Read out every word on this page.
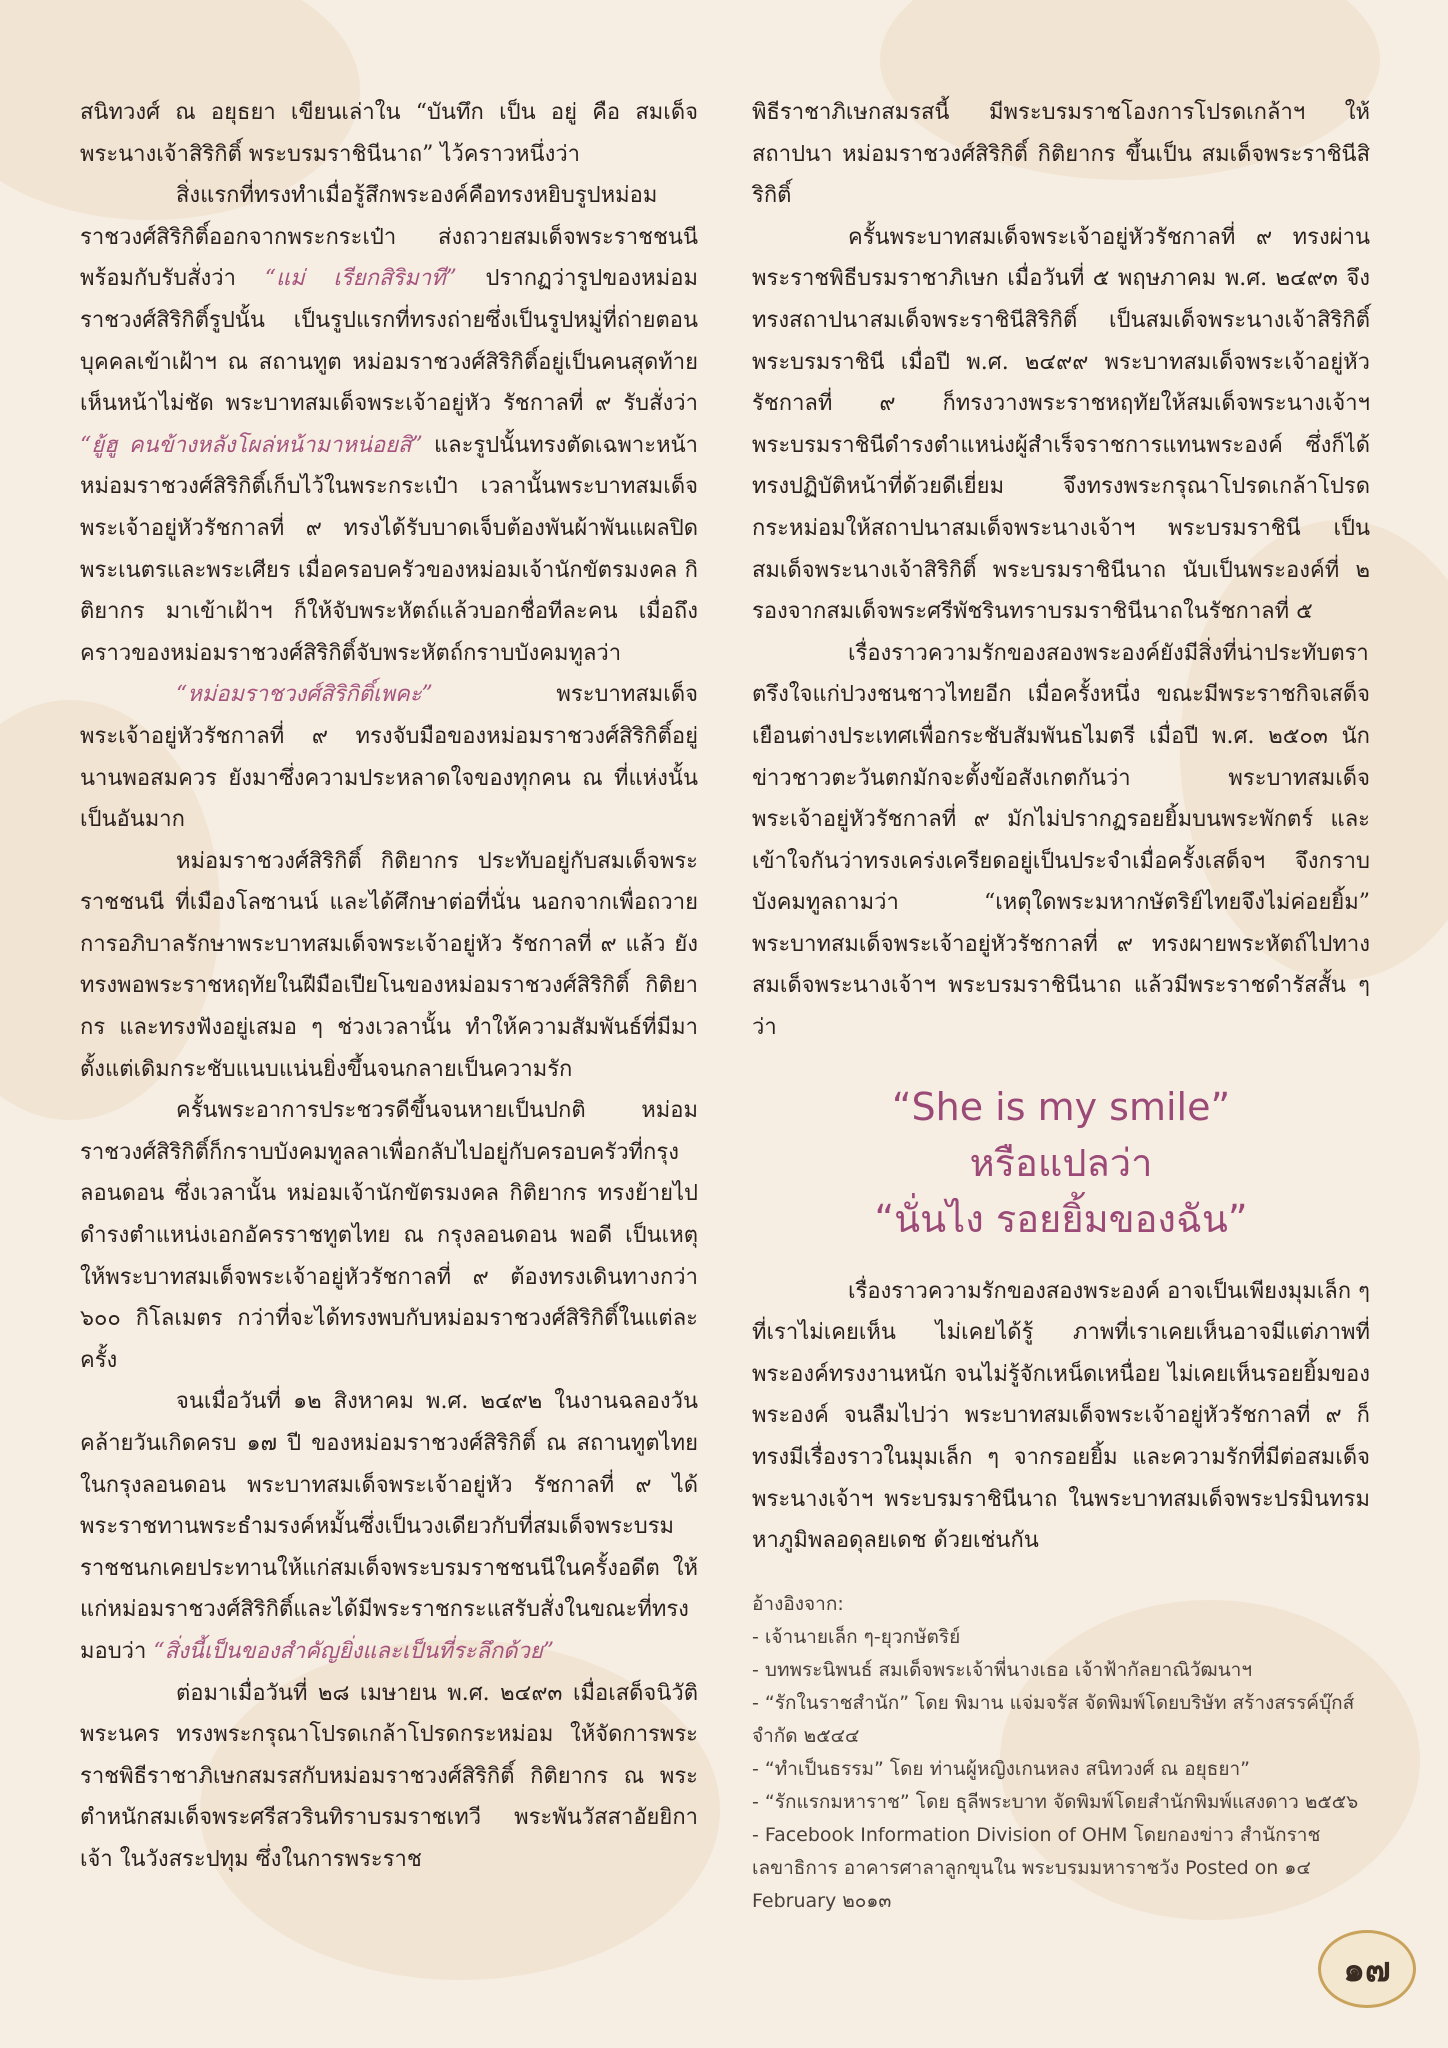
สนิทวงศ์ ณ อยุธยา เขียนเล่าใน “บันทึก เป็น อยู่ คือ สมเด็จพระนางเจ้าสิริกิติ์ พระบรมราชินีนาถ” ไว้คราวหนึ่งว่า

สิ่งแรกที่ทรงทำเมื่อรู้สึกพระองค์คือทรงหยิบรูปหม่อมราชวงศ์สิริกิติ์ออกจากพระกระเป๋า ส่งถวายสมเด็จพระราชชนนี พร้อมกับรับสั่งว่า “แม่ เรียกสิริมาที” ปรากฏว่ารูปของหม่อมราชวงศ์สิริกิติ์รูปนั้น เป็นรูปแรกที่ทรงถ่ายซึ่งเป็นรูปหมู่ที่ถ่ายตอนบุคคลเข้าเฝ้าฯ ณ สถานทูต หม่อมราชวงศ์สิริกิติ์อยู่เป็นคนสุดท้าย เห็นหน้าไม่ชัด พระบาทสมเด็จพระเจ้าอยู่หัว รัชกาลที่ ๙ รับสั่งว่า “ยู้ฮู คนข้างหลังโผล่หน้ามาหน่อยสิ” และรูปนั้นทรงตัดเฉพาะหน้าหม่อมราชวงศ์สิริกิติ์เก็บไว้ในพระกระเป๋า เวลานั้นพระบาทสมเด็จพระเจ้าอยู่หัวรัชกาลที่ ๙ ทรงได้รับบาดเจ็บต้องพันผ้าพันแผลปิดพระเนตรและพระเศียร เมื่อครอบครัวของหม่อมเจ้านักขัตรมงคล กิติยากร มาเข้าเฝ้าฯ ก็ให้จับพระหัตถ์แล้วบอกชื่อทีละคน เมื่อถึงคราวของหม่อมราชวงศ์สิริกิติ์จับพระหัตถ์กราบบังคมทูลว่า

“หม่อมราชวงศ์สิริกิติ์เพคะ” พระบาทสมเด็จพระเจ้าอยู่หัวรัชกาลที่ ๙ ทรงจับมือของหม่อมราชวงศ์สิริกิติ์อยู่นานพอสมควร ยังมาซึ่งความประหลาดใจของทุกคน ณ ที่แห่งนั้นเป็นอันมาก

หม่อมราชวงศ์สิริกิติ์ กิติยากร ประทับอยู่กับสมเด็จพระราชชนนี ที่เมืองโลซานน์ และได้ศึกษาต่อที่นั่น นอกจากเพื่อถวายการอภิบาลรักษาพระบาทสมเด็จพระเจ้าอยู่หัว รัชกาลที่ ๙ แล้ว ยังทรงพอพระราชหฤทัยในฝีมือเปียโนของหม่อมราชวงศ์สิริกิติ์ กิติยากร และทรงฟังอยู่เสมอ ๆ ช่วงเวลานั้น ทำให้ความสัมพันธ์ที่มีมาตั้งแต่เดิมกระชับแนบแน่นยิ่งขึ้นจนกลายเป็นความรัก

ครั้นพระอาการประชวรดีขึ้นจนหายเป็นปกติ หม่อมราชวงศ์สิริกิติ์ก็กราบบังคมทูลลาเพื่อกลับไปอยู่กับครอบครัวที่กรุงลอนดอน ซึ่งเวลานั้น หม่อมเจ้านักขัตรมงคล กิติยากร ทรงย้ายไปดำรงตำแหน่งเอกอัครราชทูตไทย ณ กรุงลอนดอน พอดี เป็นเหตุให้พระบาทสมเด็จพระเจ้าอยู่หัวรัชกาลที่ ๙ ต้องทรงเดินทางกว่า ๖๐๐ กิโลเมตร กว่าที่จะได้ทรงพบกับหม่อมราชวงศ์สิริกิติ์ในแต่ละครั้ง

จนเมื่อวันที่ ๑๒ สิงหาคม พ.ศ. ๒๔๙๒ ในงานฉลองวันคล้ายวันเกิดครบ ๑๗ ปี ของหม่อมราชวงศ์สิริกิติ์ ณ สถานทูตไทยในกรุงลอนดอน พระบาทสมเด็จพระเจ้าอยู่หัว รัชกาลที่ ๙ ได้พระราชทานพระธำมรงค์หมั้นซึ่งเป็นวงเดียวกับที่สมเด็จพระบรมราชชนกเคยประทานให้แก่สมเด็จพระบรมราชชนนีในครั้งอดีต ให้แก่หม่อมราชวงศ์สิริกิติ์และได้มีพระราชกระแสรับสั่งในขณะที่ทรงมอบว่า “สิ่งนี้เป็นของสำคัญยิ่งและเป็นที่ระลึกด้วย”

ต่อมาเมื่อวันที่ ๒๘ เมษายน พ.ศ. ๒๔๙๓ เมื่อเสด็จนิวัติพระนคร ทรงพระกรุณาโปรดเกล้าโปรดกระหม่อม ให้จัดการพระราชพิธีราชาภิเษกสมรสกับหม่อมราชวงศ์สิริกิติ์ กิติยากร ณ พระตำหนักสมเด็จพระศรีสวรินทิราบรมราชเทวี พระพันวัสสาอัยยิกาเจ้า ในวังสระปทุม ซึ่งในการพระราช

พิธีราชาภิเษกสมรสนี้ มีพระบรมราชโองการโปรดเกล้าฯ ให้สถาปนา หม่อมราชวงศ์สิริกิติ์ กิติยากร ขึ้นเป็น สมเด็จพระราชินีสิริกิติ์

ครั้นพระบาทสมเด็จพระเจ้าอยู่หัวรัชกาลที่ ๙ ทรงผ่านพระราชพิธีบรมราชาภิเษก เมื่อวันที่ ๕ พฤษภาคม พ.ศ. ๒๔๙๓ จึงทรงสถาปนาสมเด็จพระราชินีสิริกิติ์ เป็นสมเด็จพระนางเจ้าสิริกิติ์ พระบรมราชินี เมื่อปี พ.ศ. ๒๔๙๙ พระบาทสมเด็จพระเจ้าอยู่หัวรัชกาลที่ ๙ ก็ทรงวางพระราชหฤทัยให้สมเด็จพระนางเจ้าฯ พระบรมราชินีดำรงตำแหน่งผู้สำเร็จราชการแทนพระองค์ ซึ่งก็ได้ทรงปฏิบัติหน้าที่ด้วยดีเยี่ยม จึงทรงพระกรุณาโปรดเกล้าโปรดกระหม่อมให้สถาปนาสมเด็จพระนางเจ้าฯ พระบรมราชินี เป็นสมเด็จพระนางเจ้าสิริกิติ์ พระบรมราชินีนาถ นับเป็นพระองค์ที่ ๒ รองจากสมเด็จพระศรีพัชรินทราบรมราชินีนาถในรัชกาลที่ ๕

เรื่องราวความรักของสองพระองค์ยังมีสิ่งที่น่าประทับตราตรึงใจแก่ปวงชนชาวไทยอีก เมื่อครั้งหนึ่ง ขณะมีพระราชกิจเสด็จเยือนต่างประเทศเพื่อกระชับสัมพันธไมตรี เมื่อปี พ.ศ. ๒๕๐๓ นักข่าวชาวตะวันตกมักจะตั้งข้อสังเกตกันว่า พระบาทสมเด็จพระเจ้าอยู่หัวรัชกาลที่ ๙ มักไม่ปรากฏรอยยิ้มบนพระพักตร์ และเข้าใจกันว่าทรงเคร่งเครียดอยู่เป็นประจำเมื่อครั้งเสด็จฯ จึงกราบบังคมทูลถามว่า “เหตุใดพระมหากษัตริย์ไทยจึงไม่ค่อยยิ้ม” พระบาทสมเด็จพระเจ้าอยู่หัวรัชกาลที่ ๙ ทรงผายพระหัตถ์ไปทางสมเด็จพระนางเจ้าฯ พระบรมราชินีนาถ แล้วมีพระราชดำรัสสั้น ๆ ว่า

“She is my smile”
หรือแปลว่า
“นั่นไง รอยยิ้มของฉัน”

เรื่องราวความรักของสองพระองค์ อาจเป็นเพียงมุมเล็ก ๆ ที่เราไม่เคยเห็น ไม่เคยได้รู้ ภาพที่เราเคยเห็นอาจมีแต่ภาพที่พระองค์ทรงงานหนัก จนไม่รู้จักเหน็ดเหนื่อย ไม่เคยเห็นรอยยิ้มของพระองค์ จนลืมไปว่า พระบาทสมเด็จพระเจ้าอยู่หัวรัชกาลที่ ๙ ก็ทรงมีเรื่องราวในมุมเล็ก ๆ จากรอยยิ้ม และความรักที่มีต่อสมเด็จพระนางเจ้าฯ พระบรมราชินีนาถ ในพระบาทสมเด็จพระปรมินทรมหาภูมิพลอดุลยเดช ด้วยเช่นกัน

อ้างอิงจาก:

- เจ้านายเล็ก ๆ-ยุวกษัตริย์

- บทพระนิพนธ์ สมเด็จพระเจ้าพี่นางเธอ เจ้าฟ้ากัลยาณิวัฒนาฯ

- “รักในราชสำนัก” โดย พิมาน แจ่มจรัส จัดพิมพ์โดยบริษัท สร้างสรรค์บุ๊กส์ จำกัด ๒๕๔๔

- “ทำเป็นธรรม” โดย ท่านผู้หญิงเกนหลง สนิทวงศ์ ณ อยุธยา”

- “รักแรกมหาราช” โดย ธุลีพระบาท จัดพิมพ์โดยสำนักพิมพ์แสงดาว ๒๕๕๖

- Facebook Information Division of OHM โดยกองข่าว สำนักราชเลขาธิการ อาคารศาลาลูกขุนใน พระบรมมหาราชวัง Posted on ๑๔ February ๒๐๑๓

๑๗
